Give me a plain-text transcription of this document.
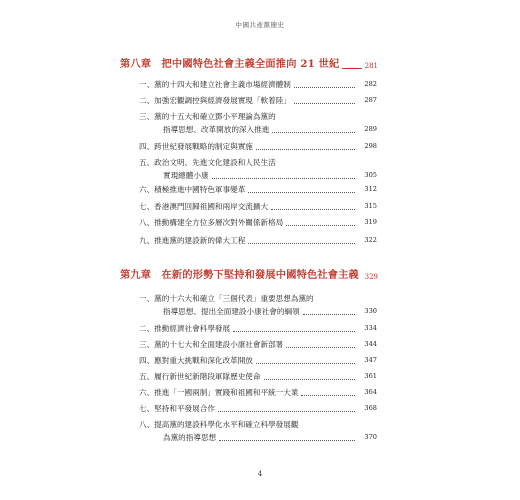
中國共產黨簡史
第八章　把中國特色社會主義全面推向 21 世紀	281
一、黨的十四大和建立社會主義市場經濟體制	282
二、加強宏觀調控與經濟發展實現「軟着陸」	287
三、黨的十五大和確立鄧小平理論為黨的
指導思想、改革開放的深入推進	289
四、跨世紀發展戰略的制定與實施	298
五、政治文明、先進文化建設和人民生活
實現總體小康	305
六、積極推進中國特色軍事變革	312
七、香港澳門回歸祖國和兩岸交流擴大	315
八、推動構建全方位多層次對外關係新格局	319
九、推進黨的建設新的偉大工程	322
第九章　在新的形勢下堅持和發展中國特色社會主義 329
一、黨的十六大和確立「三個代表」重要思想為黨的
指導思想、提出全面建設小康社會的綱領	330
二、推動經濟社會科學發展	334
三、黨的十七大和全面建設小康社會新部署	344
四、應對重大挑戰和深化改革開放	347
五、履行新世紀新階段軍隊歷史使命	361
六、推進「一國兩制」實踐和祖國和平統一大業	364
七、堅持和平發展合作	368
八、提高黨的建設科學化水平和確立科學發展觀
為黨的指導思想	370
4
